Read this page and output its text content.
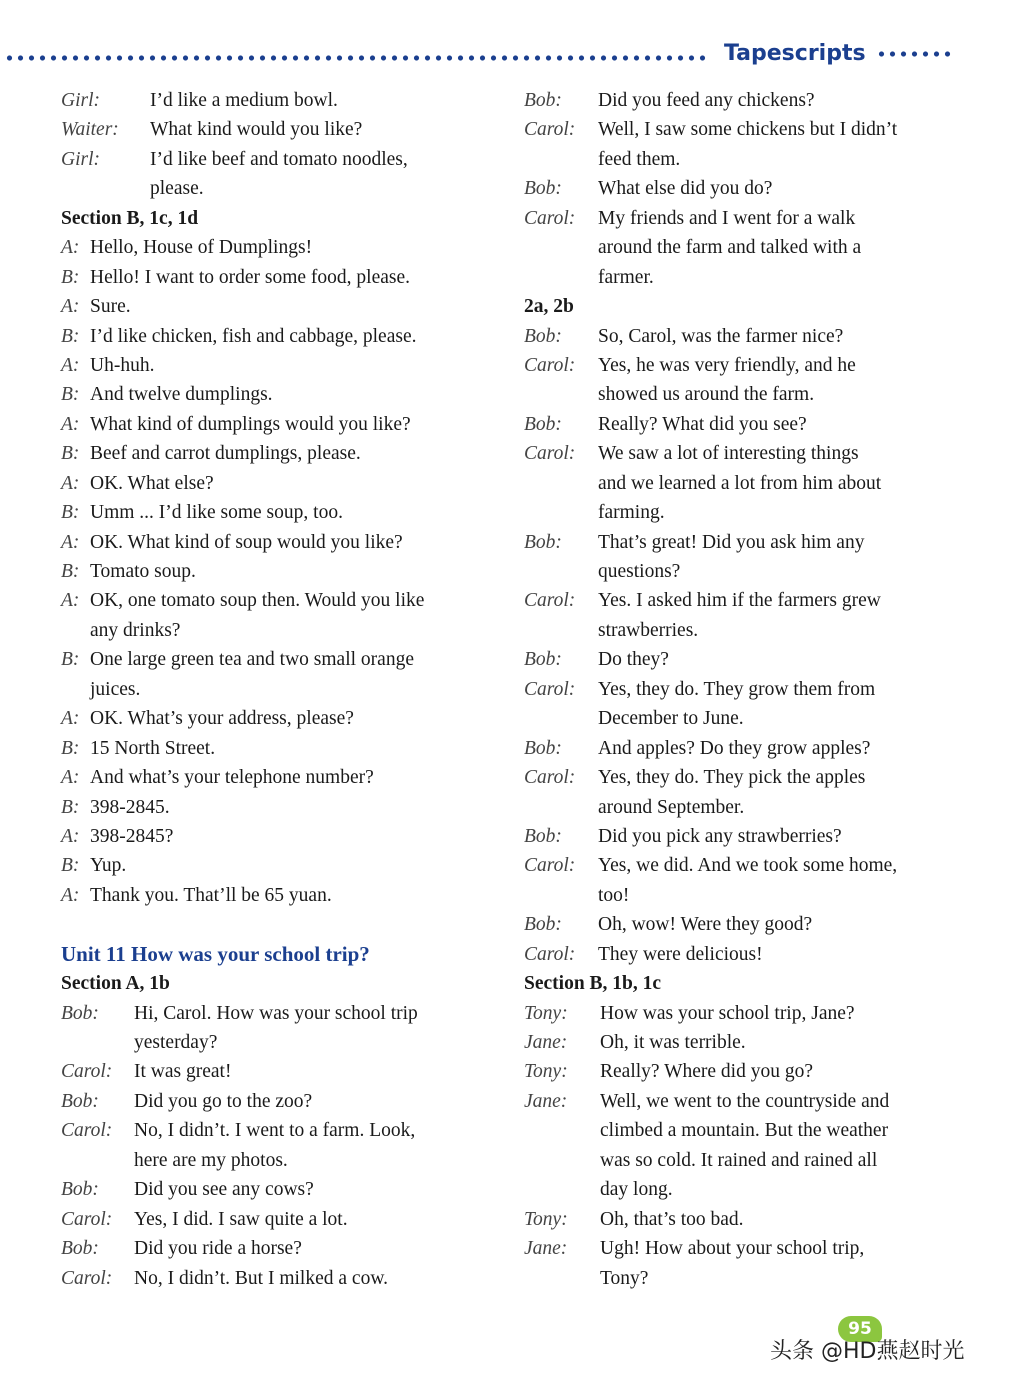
Tapescripts
Girl:	I’d like a medium bowl.
Waiter: What kind would you like?
Girl:	I’d like beef and tomato noodles,
please.
Section B, 1c, 1d
A: Hello, House of Dumplings!
B: Hello! I want to order some food, please.
A: Sure.
B: I’d like chicken, fish and cabbage, please.
A: Uh-huh.
B: And twelve dumplings.
A: What kind of dumplings would you like?
B: Beef and carrot dumplings, please.
A: OK. What else?
B: Umm ... I’d like some soup, too.
A: OK. What kind of soup would you like?
B: Tomato soup.
A: OK, one tomato soup then. Would you like
any drinks?
B: One large green tea and two small orange
juices.
A: OK. What’s your address, please?
B: 15 North Street.
A: And what’s your telephone number?
B: 398-2845.
A: 398-2845?
B: Yup.
A: Thank you. That’ll be 65 yuan.
Unit 11 How was your school trip?
Section A, 1b
Bob: Hi, Carol. How was your school trip
yesterday?
Carol: It was great!
Bob: Did you go to the zoo?
Carol: No, I didn’t. I went to a farm. Look,
here are my photos.
Bob: Did you see any cows?
Carol: Yes, I did. I saw quite a lot.
Bob: Did you ride a horse?
Carol: No, I didn’t. But I milked a cow.
Bob: Did you feed any chickens?
Carol: Well, I saw some chickens but I didn’t
feed them.
Bob: What else did you do?
Carol: My friends and I went for a walk
around the farm and talked with a
farmer.
2a, 2b
Bob: So, Carol, was the farmer nice?
Carol: Yes, he was very friendly, and he
showed us around the farm.
Bob: Really? What did you see?
Carol: We saw a lot of interesting things
and we learned a lot from him about
farming.
Bob: That’s great! Did you ask him any
questions?
Carol: Yes. I asked him if the farmers grew
strawberries.
Bob: Do they?
Carol: Yes, they do. They grow them from
December to June.
Bob: And apples? Do they grow apples?
Carol: Yes, they do. They pick the apples
around September.
Bob: Did you pick any strawberries?
Carol: Yes, we did. And we took some home,
too!
Bob: Oh, wow! Were they good?
Carol: They were delicious!
Section B, 1b, 1c
Tony: How was your school trip, Jane?
Jane: Oh, it was terrible.
Tony: Really? Where did you go?
Jane: Well, we went to the countryside and
climbed a mountain. But the weather
was so cold. It rained and rained all
day long.
Tony: Oh, that’s too bad.
Jane: Ugh! How about your school trip,
Tony?
95
头条 @HD燕赵时光
